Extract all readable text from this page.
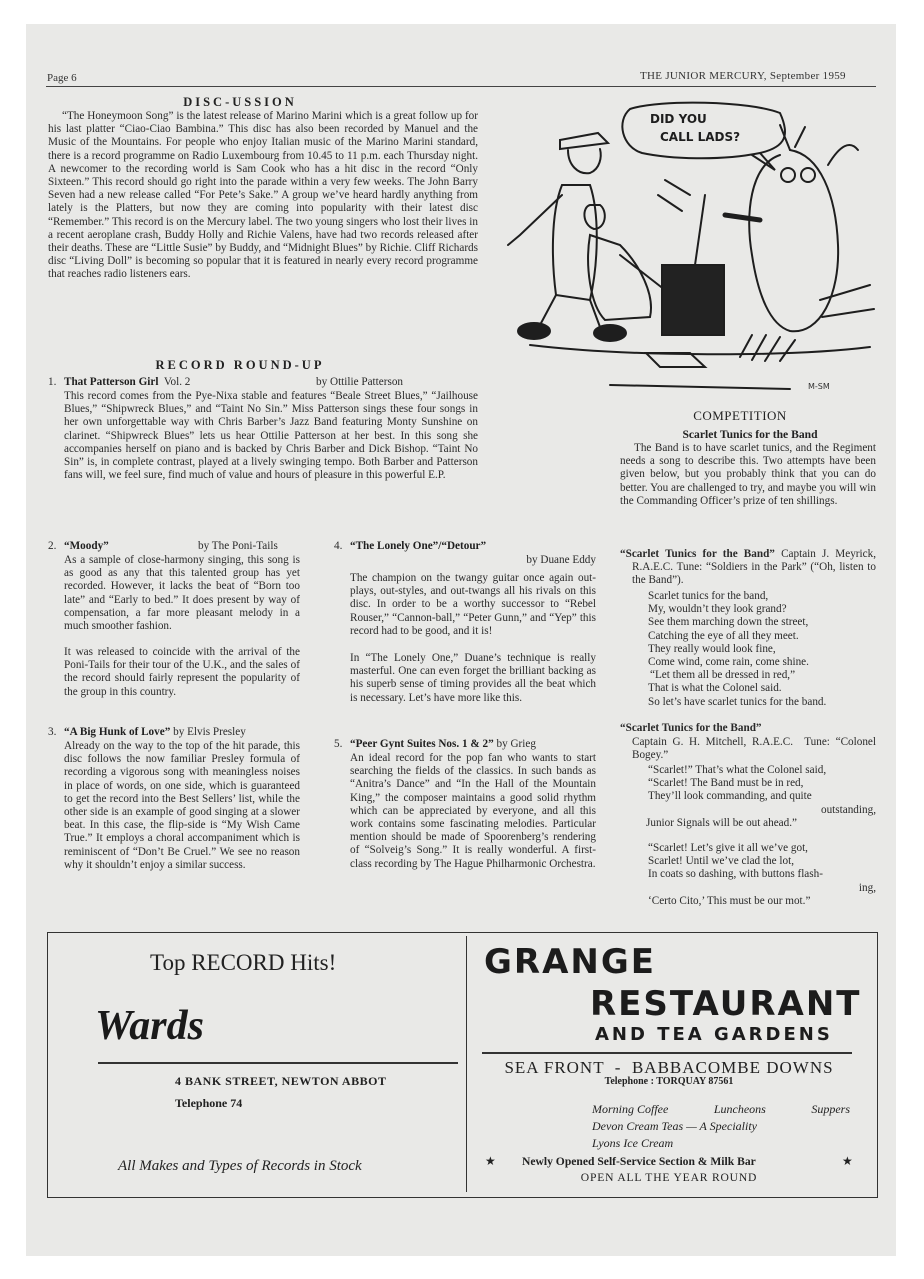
Page 6	THE JUNIOR MERCURY, September 1959
DISC-USSION
“The Honeymoon Song” is the latest release of Marino Marini which is a great follow up for his last platter “Ciao-Ciao Bambina.” This disc has also been recorded by Manuel and the Music of the Mountains. For people who enjoy Italian music of the Marino Marini standard, there is a record programme on Radio Luxembourg from 10.45 to 11 p.m. each Thursday night. A newcomer to the recording world is Sam Cook who has a hit disc in the record “Only Sixteen.” This record should go right into the parade within a very few weeks. The John Barry Seven had a new release called “For Pete’s Sake.” A group we’ve heard hardly anything from lately is the Platters, but now they are coming into popularity with their latest disc “Remember.” This record is on the Mercury label. The two young singers who lost their lives in a recent aeroplane crash, Buddy Holly and Richie Valens, have had two records released after their deaths. These are “Little Susie” by Buddy, and “Midnight Blues” by Richie. Cliff Richards disc “Living Doll” is becoming so popular that it is featured in nearly every record programme that reaches radio listeners ears.
RECORD ROUND-UP
1. That Patterson Girl Vol. 2	by Ottilie Patterson
This record comes from the Pye-Nixa stable and features “Beale Street Blues,” “Jailhouse Blues,” “Shipwreck Blues,” and “Taint No Sin.” Miss Patterson sings these four songs in her own unforgettable way with Chris Barber’s Jazz Band featuring Monty Sunshine on clarinet. “Shipwreck Blues” lets us hear Ottilie Patterson at her best. In this song she accompanies herself on piano and is backed by Chris Barber and Dick Bishop. “Taint No Sin” is, in complete contrast, played at a lively swinging tempo. Both Barber and Patterson fans will, we feel sure, find much of value and hours of pleasure in this powerful E.P.
2. “Moody”	by The Poni-Tails
As a sample of close-harmony singing, this song is as good as any that this talented group has yet recorded. However, it lacks the beat of “Born too late” and “Early to bed.” It does present by way of compensation, a far more pleasant melody in a much smoother fashion.
It was released to coincide with the arrival of the Poni-Tails for their tour of the U.K., and the sales of the record should fairly represent the popularity of the group in this country.
3. “A Big Hunk of Love” by Elvis Presley
Already on the way to the top of the hit parade, this disc follows the now familiar Presley formula of recording a vigorous song with meaningless noises in place of words, on one side, which is guaranteed to get the record into the Best Sellers’ list, while the other side is an example of good singing at a slower beat. In this case, the flip-side is “My Wish Came True.” It employs a choral accompaniment which is reminiscent of “Don’t Be Cruel.” We see no reason why it shouldn’t enjoy a similar success.
4. “The Lonely One”/“Detour”
by Duane Eddy
The champion on the twangy guitar once again out-plays, out-styles, and out-twangs all his rivals on this disc. In order to be a worthy successor to “Rebel Rouser,” “Cannon-ball,” “Peter Gunn,” and “Yep” this record had to be good, and it is!
In “The Lonely One,” Duane’s technique is really masterful. One can even forget the brilliant backing as his superb sense of timing provides all the beat which is necessary. Let’s have more like this.
5. “Peer Gynt Suites Nos. 1 & 2” by Grieg
An ideal record for the pop fan who wants to start searching the fields of the classics. In such bands as “Anitra’s Dance” and “In the Hall of the Mountain King,” the composer maintains a good solid rhythm which can be appreciated by everyone, and all this work contains some fascinating melodies. Particular mention should be made of Spoorenberg’s rendering of “Solveig’s Song.” It is really wonderful. A first-class recording by The Hague Philharmonic Orchestra.
DID YOU
CALL LADS?
M-SM
COMPETITION
Scarlet Tunics for the Band
The Band is to have scarlet tunics, and the Regiment needs a song to describe this. Two attempts have been given below, but you probably think that you can do better. You are challenged to try, and maybe you will win the Commanding Officer’s prize of ten shillings.
“Scarlet Tunics for the Band” Captain J. Meyrick, R.A.E.C. Tune: “Soldiers in the Park” (“Oh, listen to the Band”).
Scarlet tunics for the band,
My, wouldn’t they look grand?
See them marching down the street,
Catching the eye of all they meet.
They really would look fine,
Come wind, come rain, come shine.
“Let them all be dressed in red,”
That is what the Colonel said.
So let’s have scarlet tunics for the band.
“Scarlet Tunics for the Band”
Captain G. H. Mitchell, R.A.E.C. Tune: “Colonel Bogey.”
“Scarlet!” That’s what the Colonel said,
“Scarlet! The Band must be in red,
They’ll look commanding, and quite
outstanding,
Junior Signals will be out ahead.”
“Scarlet! Let’s give it all we’ve got,
Scarlet! Until we’ve clad the lot,
In coats so dashing, with buttons flash-
ing,
‘Certo Cito,’ This must be our mot.”
Top RECORD Hits!
Wards
4 BANK STREET, NEWTON ABBOT
Telephone 74
All Makes and Types of Records in Stock
GRANGE
RESTAURANT
AND TEA GARDENS
SEA FRONT  -  BABBACOMBE DOWNS
Telephone : TORQUAY 87561
Morning Coffee	Luncheons	Suppers
Devon Cream Teas — A Speciality
Lyons Ice Cream
★ Newly Opened Self-Service Section & Milk Bar	★
OPEN ALL THE YEAR ROUND
